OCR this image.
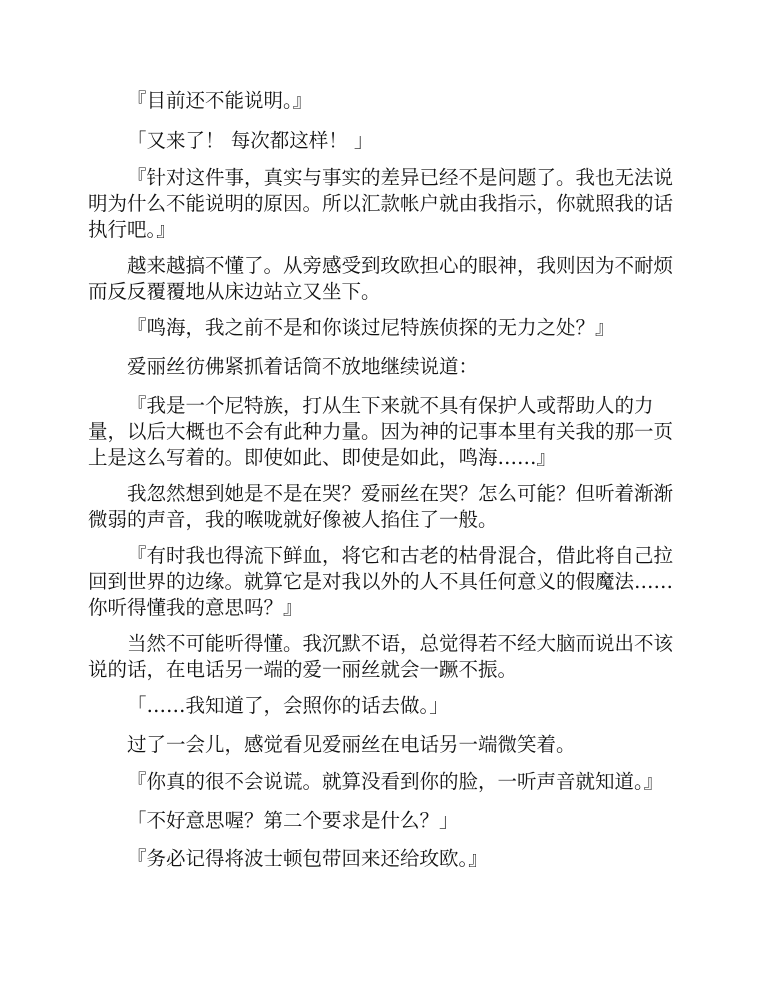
『目前还不能说明。』

「又来了！ 每次都这样！ 」

『针对这件事，真实与事实的差异已经不是问题了。我也无法说明为什么不能说明的原因。所以汇款帐户就由我指示，你就照我的话执行吧。』

越来越搞不懂了。从旁感受到玫欧担心的眼神，我则因为不耐烦而反反覆覆地从床边站立又坐下。

『鸣海，我之前不是和你谈过尼特族侦探的无力之处？』

爱丽丝彷佛紧抓着话筒不放地继续说道：

『我是一个尼特族，打从生下来就不具有保护人或帮助人的力量，以后大概也不会有此种力量。因为神的记事本里有关我的那一页上是这么写着的。即使如此、即使是如此，鸣海……』

我忽然想到她是不是在哭？爱丽丝在哭？怎么可能？但听着渐渐微弱的声音，我的喉咙就好像被人掐住了一般。

『有时我也得流下鲜血，将它和古老的枯骨混合，借此将自己拉回到世界的边缘。就算它是对我以外的人不具任何意义的假魔法……你听得懂我的意思吗？』

当然不可能听得懂。我沉默不语，总觉得若不经大脑而说出不该说的话，在电话另一端的爱一丽丝就会一蹶不振。

「……我知道了，会照你的话去做。」

过了一会儿，感觉看见爱丽丝在电话另一端微笑着。

『你真的很不会说谎。就算没看到你的脸，一听声音就知道。』

「不好意思喔？第二个要求是什么？」

『务必记得将波士顿包带回来还给玫欧。』
